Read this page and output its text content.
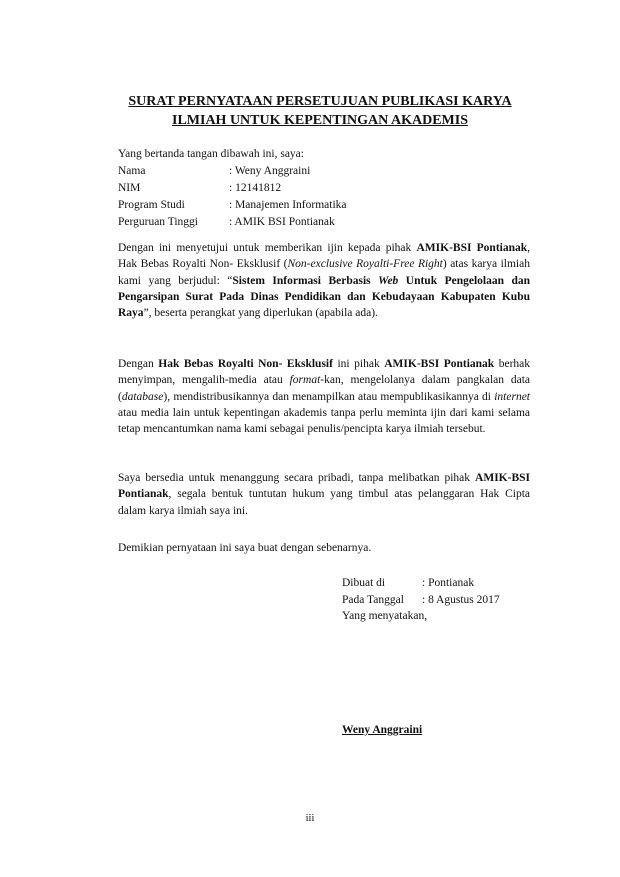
SURAT PERNYATAAN PERSETUJUAN PUBLIKASI KARYA
ILMIAH UNTUK KEPENTINGAN AKADEMIS
Yang bertanda tangan dibawah ini, saya:
Nama	: Weny Anggraini
NIM	: 12141812
Program Studi	: Manajemen Informatika
Perguruan Tinggi	: AMIK BSI Pontianak
Dengan ini menyetujui untuk memberikan ijin kepada pihak AMIK-BSI Pontianak, Hak Bebas Royalti Non- Eksklusif (Non-exclusive Royalti-Free Right) atas karya ilmiah kami yang berjudul: “Sistem Informasi Berbasis Web Untuk Pengelolaan dan Pengarsipan Surat Pada Dinas Pendidikan dan Kebudayaan Kabupaten Kubu Raya”, beserta perangkat yang diperlukan (apabila ada).
Dengan Hak Bebas Royalti Non- Eksklusif ini pihak AMIK-BSI Pontianak berhak menyimpan, mengalih-media atau format-kan, mengelolanya dalam pangkalan data (database), mendistribusikannya dan menampilkan atau mempublikasikannya di internet atau media lain untuk kepentingan akademis tanpa perlu meminta ijin dari kami selama tetap mencantumkan nama kami sebagai penulis/pencipta karya ilmiah tersebut.
Saya bersedia untuk menanggung secara pribadi, tanpa melibatkan pihak AMIK-BSI Pontianak, segala bentuk tuntutan hukum yang timbul atas pelanggaran Hak Cipta dalam karya ilmiah saya ini.
Demikian pernyataan ini saya buat dengan sebenarnya.
Dibuat di	: Pontianak
Pada Tanggal	: 8 Agustus 2017
Yang menyatakan,
Weny Anggraini
iii
